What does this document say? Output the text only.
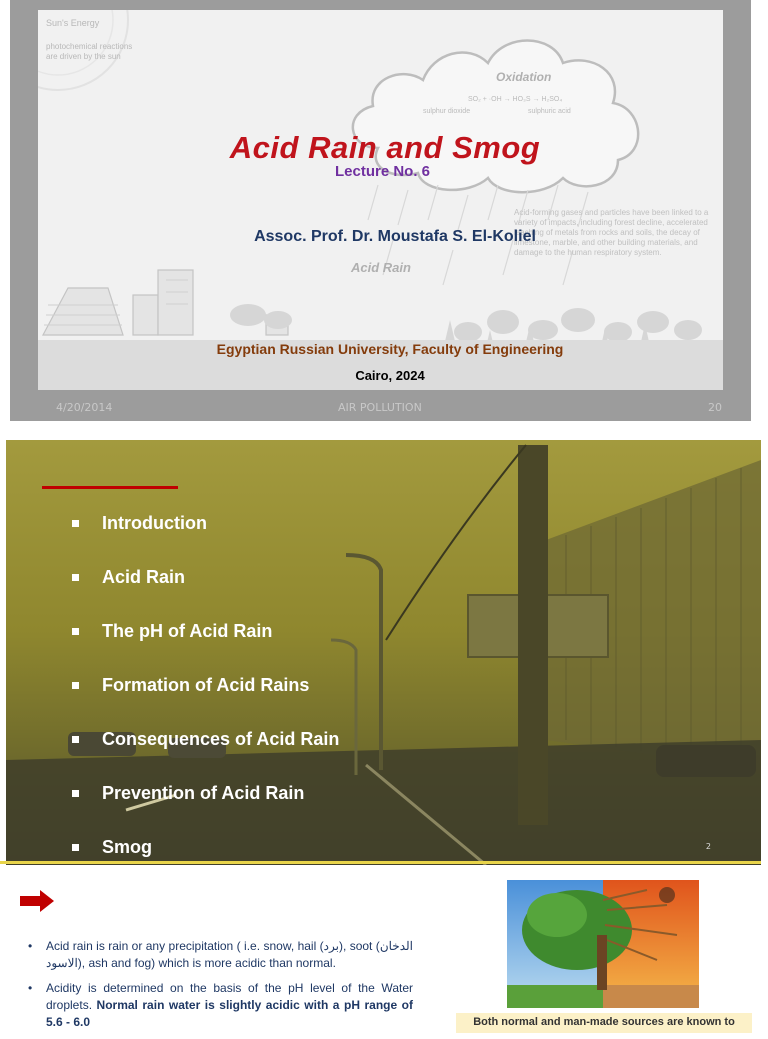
Sun's Energy
photochemical reactions are driven by the sun
Oxidation
SO₂ + ·OH → HO₃S → H₂SO₄
sulphur dioxide	sulphuric acid
Acid Rain
Acid-forming gases and particles have been linked to a variety of impacts, including forest decline, accelerated leaching of metals from rocks and soils, the decay of limestone, marble, and other building materials, and damage to the human respiratory system.
Acid Rain and Smog
Lecture No. 6
Assoc. Prof. Dr. Moustafa S. El-Koliel
Egyptian Russian University, Faculty of Engineering
Cairo, 2024
4/20/2014	AIR POLLUTION	20
Introduction
Acid Rain
The pH of Acid Rain
Formation of Acid Rains
Consequences of Acid Rain
Prevention of Acid Rain
Smog	2
• Acid rain is rain or any precipitation ( i.e. snow, hail (برد), soot (الدخان الاسود), ash and fog) which is more acidic than normal.
• Acidity is determined on the basis of the pH level of the Water droplets. Normal rain water is slightly acidic with a pH range of 5.6 - 6.0	Both normal and man-made sources are known to
